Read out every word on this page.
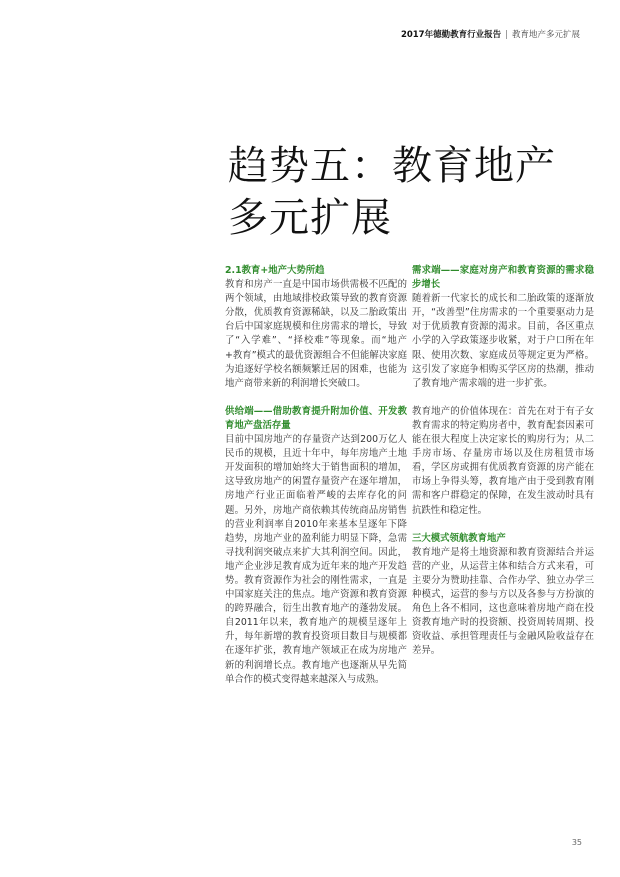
2017年德勤教育行业报告 | 教育地产多元扩展
趋势五：教育地产
多元扩展

2.1教育+地产大势所趋

教育和房产一直是中国市场供需极不匹配的两个领域，由地域排校政策导致的教育资源分散，优质教育资源稀缺，以及二胎政策出台后中国家庭规模和住房需求的增长，导致了“入学难”、“择校难”等现象。而“地产+教育”模式的最优资源组合不但能解决家庭为追逐好学校名额频繁迁居的困难，也能为地产商带来新的利润增长突破口。

供给端——借助教育提升附加价值、开发教育地产盘活存量

目前中国房地产的存量资产达到200万亿人民币的规模，且近十年中，每年房地产土地开发面积的增加始终大于销售面积的增加，这导致房地产的闲置存量资产在逐年增加，房地产行业正面临着严峻的去库存化的问题。另外，房地产商依赖其传统商品房销售的营业利润率自2010年来基本呈逐年下降趋势，房地产业的盈利能力明显下降，急需寻找利润突破点来扩大其利润空间。因此，地产企业涉足教育成为近年来的地产开发趋势。教育资源作为社会的刚性需求，一直是中国家庭关注的焦点。地产资源和教育资源的跨界融合，衍生出教育地产的蓬勃发展。自2011年以来，教育地产的规模呈逐年上升，每年新增的教育投资项目数目与规模都在逐年扩张，教育地产领域正在成为房地产新的利润增长点。教育地产也逐渐从早先简单合作的模式变得越来越深入与成熟。

需求端——家庭对房产和教育资源的需求稳步增长

随着新一代家长的成长和二胎政策的逐渐放开，“改善型”住房需求的一个重要驱动力是对于优质教育资源的渴求。目前，各区重点小学的入学政策逐步收紧，对于户口所在年限、使用次数、家庭成员等规定更为严格。这引发了家庭争相购买学区房的热潮，推动了教育地产需求端的进一步扩张。

教育地产的价值体现在：首先在对于有子女教育需求的特定购房者中，教育配套因素可能在很大程度上决定家长的购房行为；从二手房市场、存量房市场以及住房租赁市场看，学区房或拥有优质教育资源的房产能在市场上争得头筹，教育地产由于受到教育刚需和客户群稳定的保障，在发生波动时具有抗跌性和稳定性。

三大模式领航教育地产

教育地产是将土地资源和教育资源结合并运营的产业，从运营主体和结合方式来看，可主要分为赞助挂靠、合作办学、独立办学三种模式，运营的参与方以及各参与方扮演的角色上各不相同，这也意味着房地产商在投资教育地产时的投资额、投资周转周期、投资收益、承担管理责任与金融风险收益存在差异。

35
